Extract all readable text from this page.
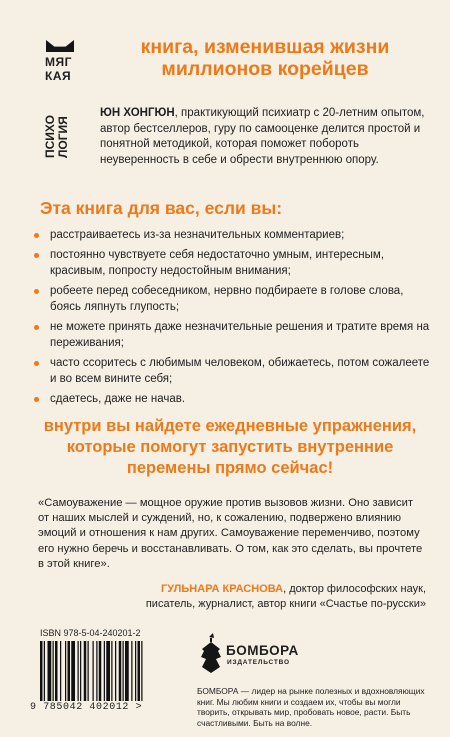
МЯГ
КАЯ
ПСИХО ЛОГИЯ
книга, изменившая жизни
миллионов корейцев
ЮН ХОНГЮН, практикующий психиатр с 20-летним опытом, автор бестселлеров, гуру по самооценке делится простой и понятной методикой, которая поможет побороть неуверенность в себе и обрести внутреннюю опору.
Эта книга для вас, если вы:
расстраиваетесь из-за незначительных комментариев;
постоянно чувствуете себя недостаточно умным, интересным, красивым, попросту недостойным внимания;
робеете перед собеседником, нервно подбираете в голове слова, боясь ляпнуть глупость;
не можете принять даже незначительные решения и тратите время на переживания;
часто ссоритесь с любимым человеком, обижаетесь, потом сожалеете и во всем вините себя;
сдаетесь, даже не начав.
внутри вы найдете ежедневные упражнения,
которые помогут запустить внутренние
перемены прямо сейчас!
«Самоуважение — мощное оружие против вызовов жизни. Оно зависит от наших мыслей и суждений, но, к сожалению, подвержено влиянию эмоций и отношения к нам других. Самоуважение переменчиво, поэтому его нужно беречь и восстанавливать. О том, как это сделать, вы прочтете в этой книге».
ГУЛЬНАРА КРАСНОВА, доктор философских наук,
писатель, журналист, автор книги «Счастье по-русски»
ISBN 978-5-04-240201-2
9 785042 402012 >
БОМБОРА
ИЗДАТЕЛЬСТВО
БОМБОРА — лидер на рынке полезных и вдохновляющих книг. Мы любим книги и создаем их, чтобы вы могли творить, открывать мир, пробовать новое, расти. Быть счастливыми. Быть на волне.
